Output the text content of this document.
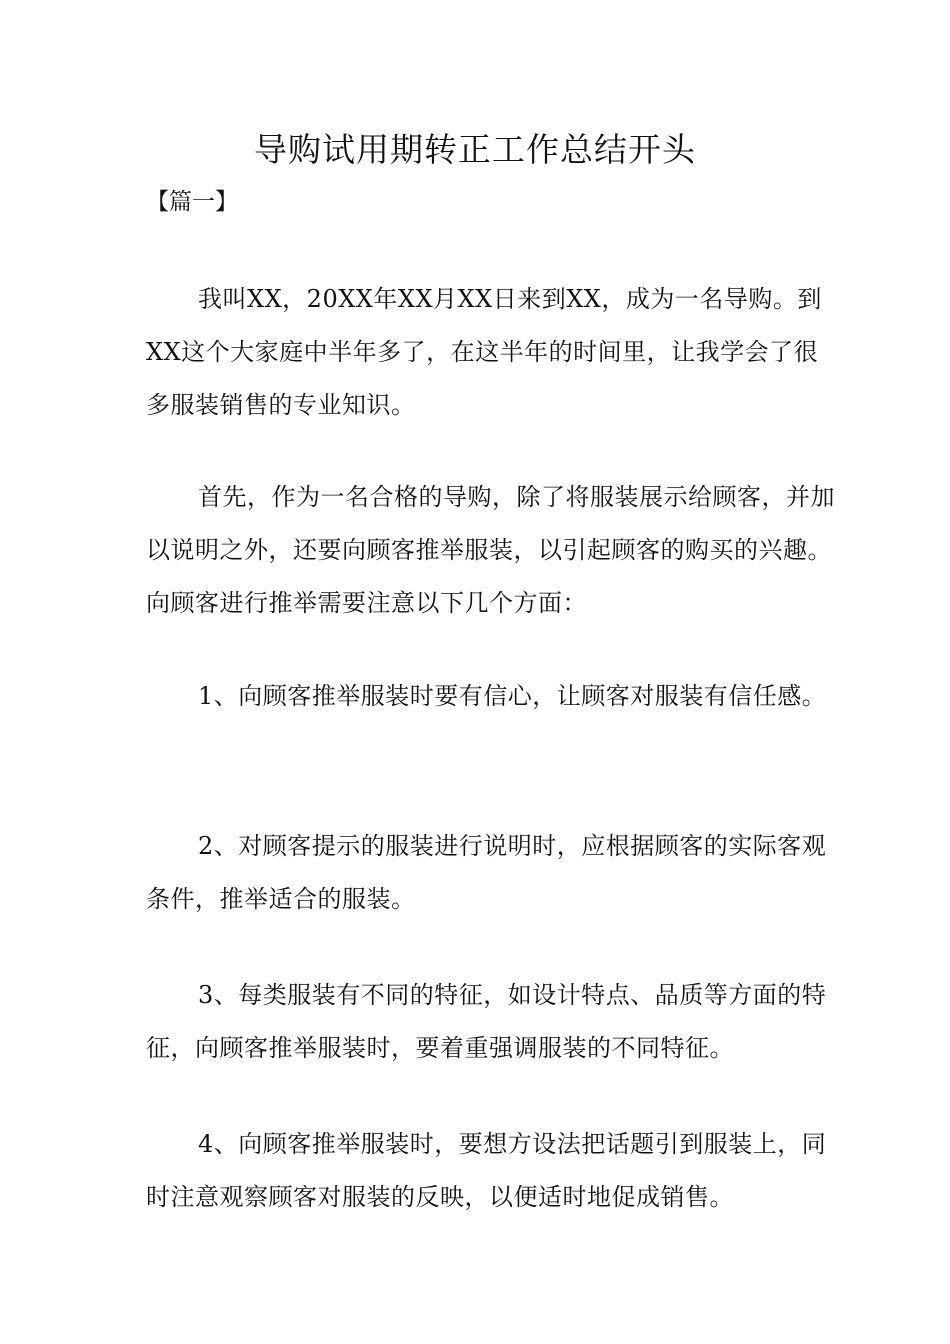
导购试用期转正工作总结开头
【篇一】

我叫XX，20XX年XX月XX日来到XX，成为一名导购。到XX这个大家庭中半年多了，在这半年的时间里，让我学会了很多服装销售的专业知识。

首先，作为一名合格的导购，除了将服装展示给顾客，并加以说明之外，还要向顾客推举服装，以引起顾客的购买的兴趣。向顾客进行推举需要注意以下几个方面：

1、向顾客推举服装时要有信心，让顾客对服装有信任感。

2、对顾客提示的服装进行说明时，应根据顾客的实际客观条件，推举适合的服装。

3、每类服装有不同的特征，如设计特点、品质等方面的特征，向顾客推举服装时，要着重强调服装的不同特征。

4、向顾客推举服装时，要想方设法把话题引到服装上，同时注意观察顾客对服装的反映，以便适时地促成销售。
